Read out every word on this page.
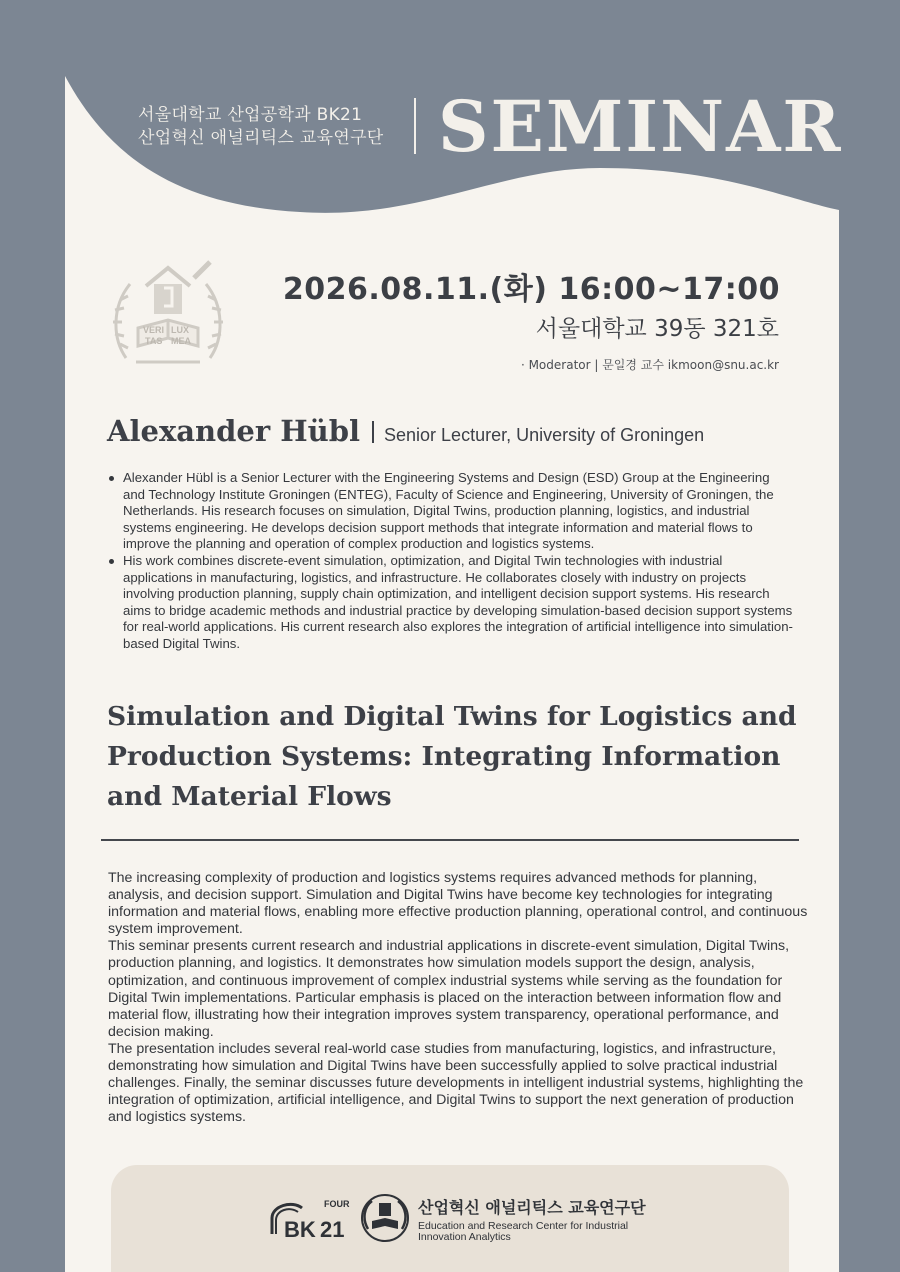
서울대학교 산업공학과 BK21
산업혁신 애널리틱스 교육연구단 SEMINAR
VERI LUX
TAS MEA
2026.08.11.(화) 16:00~17:00
서울대학교 39동 321호
· Moderator | 문일경 교수 ikmoon@snu.ac.kr
Alexander Hübl Senior Lecturer, University of Groningen
Alexander Hübl is a Senior Lecturer with the Engineering Systems and Design (ESD) Group at the Engineering and Technology Institute Groningen (ENTEG), Faculty of Science and Engineering, University of Groningen, the Netherlands. His research focuses on simulation, Digital Twins, production planning, logistics, and industrial systems engineering. He develops decision support methods that integrate information and material flows to improve the planning and operation of complex production and logistics systems.
His work combines discrete-event simulation, optimization, and Digital Twin technologies with industrial applications in manufacturing, logistics, and infrastructure. He collaborates closely with industry on projects involving production planning, supply chain optimization, and intelligent decision support systems. His research aims to bridge academic methods and industrial practice by developing simulation-based decision support systems for real-world applications. His current research also explores the integration of artificial intelligence into simulation-based Digital Twins.
Simulation and Digital Twins for Logistics and Production Systems: Integrating Information and Material Flows

The increasing complexity of production and logistics systems requires advanced methods for planning, analysis, and decision support. Simulation and Digital Twins have become key technologies for integrating information and material flows, enabling more effective production planning, operational control, and continuous system improvement.

This seminar presents current research and industrial applications in discrete-event simulation, Digital Twins, production planning, and logistics. It demonstrates how simulation models support the design, analysis, optimization, and continuous improvement of complex industrial systems while serving as the foundation for Digital Twin implementations. Particular emphasis is placed on the interaction between information flow and material flow, illustrating how their integration improves system transparency, operational performance, and decision making.

The presentation includes several real-world case studies from manufacturing, logistics, and infrastructure, demonstrating how simulation and Digital Twins have been successfully applied to solve practical industrial challenges. Finally, the seminar discusses future developments in intelligent industrial systems, highlighting the integration of optimization, artificial intelligence, and Digital Twins to support the next generation of production and logistics systems.

FOUR
BK 21
산업혁신 애널리틱스 교육연구단
Education and Research Center for Industrial Innovation Analytics
